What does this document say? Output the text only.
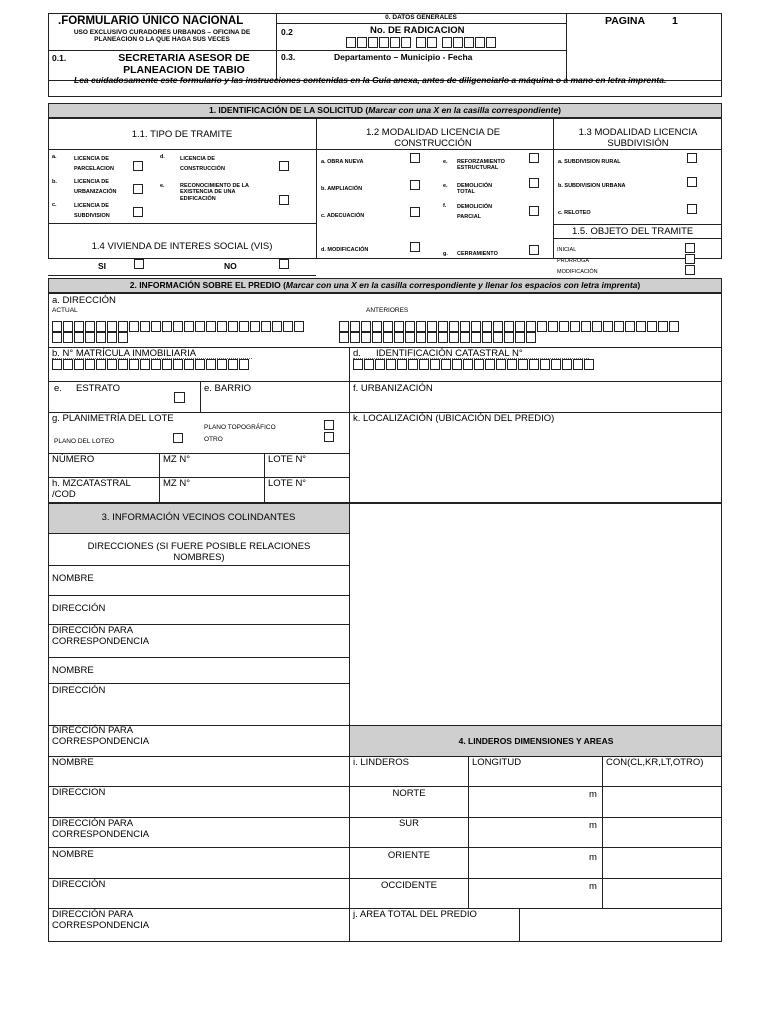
.FORMULARIO ÚNICO NACIONAL
USO EXCLUSIVO CURADORES URBANOS – OFICINA DE PLANEACION O LA QUE HAGA SUS VECES
0. DATOS GENERALES	PAGINA	1
0.2	No. DE RADICACION
0.1.	SECRETARIA ASESOR DE PLANEACION DE TABIO
0.3.	Departamento – Municipio - Fecha
Lea cuidadosamente este formulario y las instrucciones contenidas en la Guia anexa, antes de diligenciarlo a máquina o a mano en letra imprenta.
1. IDENTIFICACIÓN DE LA SOLICITUD (Marcar con una X en la casilla correspondiente)
1.1. TIPO DE TRAMITE	1.2 MODALIDAD LICENCIA DE CONSTRUCCIÓN
1.3 MODALIDAD LICENCIA SUBDIVISIÓN
a.	LICENCIA DE PARCELACION
b.	LICENCIA DE URBANIZACIÓN
c.	LICENCIA DE SUBDIVISION
d.	LICENCIA DE CONSTRUCCIÓN
e.	RECONOCIMIENTO DE LA EXISTENCIA DE UNA EDIFICACIÓN
a. OBRA NUEVA
b. AMPLIACIÓN
c. ADECUACIÓN
d. MODIFICACIÓN
e. REFORZAMIENTO ESTRUCTURAL
e. DEMOLICIÓN TOTAL
f. DEMOLICIÓN PARCIAL
g. CERRAMIENTO
a. SUBDIVISION RURAL
b. SUBDIVISION URBANA
c. RELOTEO
1.4 VIVIENDA DE INTERES SOCIAL (VIS)
SI	NO
1.5. OBJETO DEL TRAMITE
INICIAL
PRORROGA
MODIFICACIÓN
2. INFORMACIÓN SOBRE EL PREDIO (Marcar con una X en la casilla correspondiente y llenar los espacios con letra imprenta)
a. DIRECCIÓN
ACTUAL	ANTERIORES
b. N° MATRÍCULA INMOBILIARIA	d. IDENTIFICACIÓN CATASTRAL N°
e. ESTRATO	e. BARRIO	f. URBANIZACIÓN
g. PLANIMETRÍA DEL LOTE
PLANO DEL LOTEO
PLANO TOPOGRÁFICO
OTRO
k. LOCALIZACIÓN (UBICACIÓN DEL PREDIO)
NÚMERO	MZ N°	LOTE N°
h. MZCATASTRAL /COD
MZ N°	LOTE N°
3. INFORMACIÓN VECINOS COLINDANTES
DIRECCIONES (SI FUERE POSIBLE RELACIONES NOMBRES)
NOMBRE
DIRECCIÓN
DIRECCIÓN PARA CORRESPONDENCIA
NOMBRE
DIRECCIÓN
DIRECCIÓN PARA CORRESPONDENCIA
NOMBRE
DIRECCION
DIRECCIÓN PARA CORRESPONDENCIA
NOMBRE
DIRECCIÓN
DIRECCIÓN PARA CORRESPONDENCIA
4. LINDEROS DIMENSIONES Y AREAS
i. LINDEROS	LONGITUD	CON(CL,KR,LT,OTRO)
NORTE	m
SUR	m
ORIENTE	m
OCCIDENTE	m
j. AREA TOTAL DEL PREDIO
